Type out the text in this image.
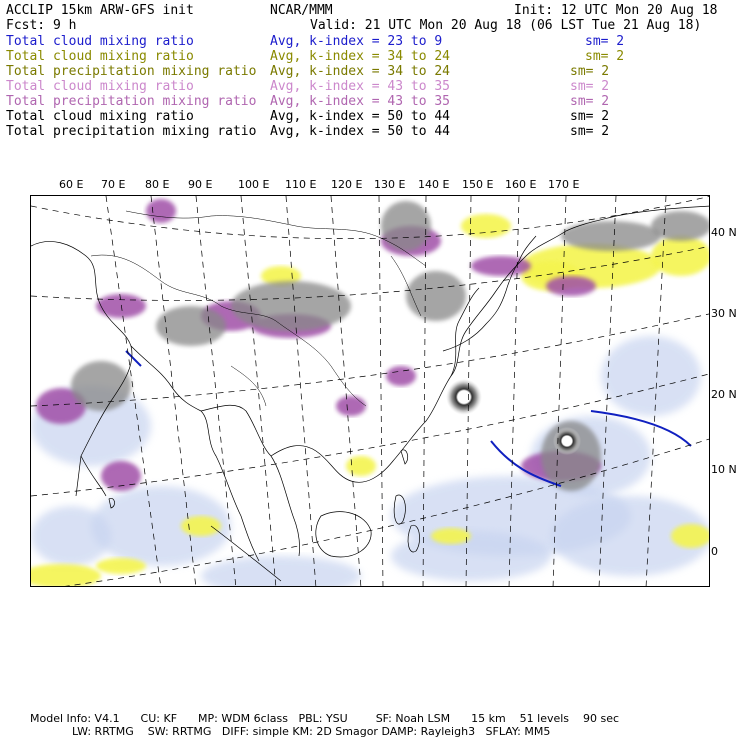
ACCLIP 15km ARW-GFS init	NCAR/MMM	Init: 12 UTC Mon 20 Aug 18
Fcst: 9 h	Valid: 21 UTC Mon 20 Aug 18 (06 LST Tue 21 Aug 18)
Total cloud mixing ratio	Avg, k-index = 23 to 9	sm= 2
Total cloud mixing ratio	Avg, k-index = 34 to 24	sm= 2
Total precipitation mixing ratio Avg, k-index = 34 to 24	sm= 2
Total cloud mixing ratio	Avg, k-index = 43 to 35	sm= 2
Total precipitation mixing ratio Avg, k-index = 43 to 35	sm= 2
Total cloud mixing ratio	Avg, k-index = 50 to 44	sm= 2
Total precipitation mixing ratio Avg, k-index = 50 to 44	sm= 2
60 E 70 E 80 E 90 E 100 E 110 E 120 E 130 E 140 E 150 E 160 E 170 E
40 N
30 N
20 N
10 N
0
Model Info: V4.1      CU: KF      MP: WDM 6class   PBL: YSU        SF: Noah LSM      15 km    51 levels    90 sec
LW: RRTMG    SW: RRTMG   DIFF: simple KM: 2D Smagor DAMP: Rayleigh3   SFLAY: MM5
